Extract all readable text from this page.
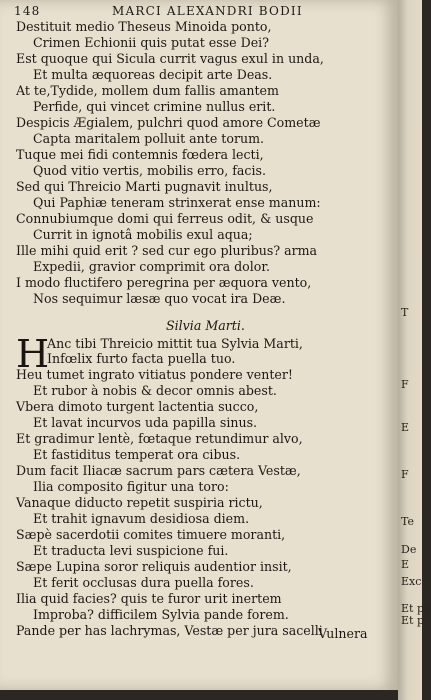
148	MARCI ALEXANDRI BODII
Destituit medio Theseus Minoida ponto,
Crimen Echionii quis putat esse Dei?
Est quoque qui Sicula currit vagus exul in unda,
Et multa æquoreas decipit arte Deas.
At te,Tydide, mollem dum fallis amantem
Perfide, qui vincet crimine nullus erit.
Despicis Ægialem, pulchri quod amore Cometæ
Capta maritalem polluit ante torum.
Tuque mei fidi contemnis fœdera lecti,
Quod vitio vertis, mobilis erro, facis.
Sed qui Threicio Marti pugnavit inultus,
Qui Paphiæ teneram strinxerat ense manum:
Connubiumque domi qui ferreus odit, & usque
Currit in ignotâ mobilis exul aqua;
Ille mihi quid erit ? sed cur ego pluribus? arma
Expedii, gravior comprimit ora dolor.
I modo fluctifero peregrina per æquora vento,
Nos sequimur læsæ quo vocat ira Deæ.
Silvia Marti.
H
Anc tibi Threicio mittit tua Sylvia Marti,
Infœlix furto facta puella tuo.
Heu tumet ingrato vitiatus pondere venter!
Et rubor à nobis & decor omnis abest.
Vbera dimoto turgent lactentia succo,
Et lavat incurvos uda papilla sinus.
Et gradimur lentè, fœtaque retundimur alvo,
Et fastiditus temperat ora cibus.
Dum facit Iliacæ sacrum pars cætera Vestæ,
Ilia composito figitur una toro:
Vanaque diducto repetit suspiria rictu,
Et trahit ignavum desidiosa diem.
Sæpè sacerdotii comites timuere moranti,
Et traducta levi suspicione fui.
Sæpe Lupina soror reliquis audentior insit,
Et ferit occlusas dura puella fores.
Ilia quid facies? quis te furor urit inertem
Improba? difficilem Sylvia pande forem.
Pande per has lachrymas, Vestæ per jura sacelli
Vulnera
T
F
E
F
Te
De
E
Exc
Et pe
Et p
